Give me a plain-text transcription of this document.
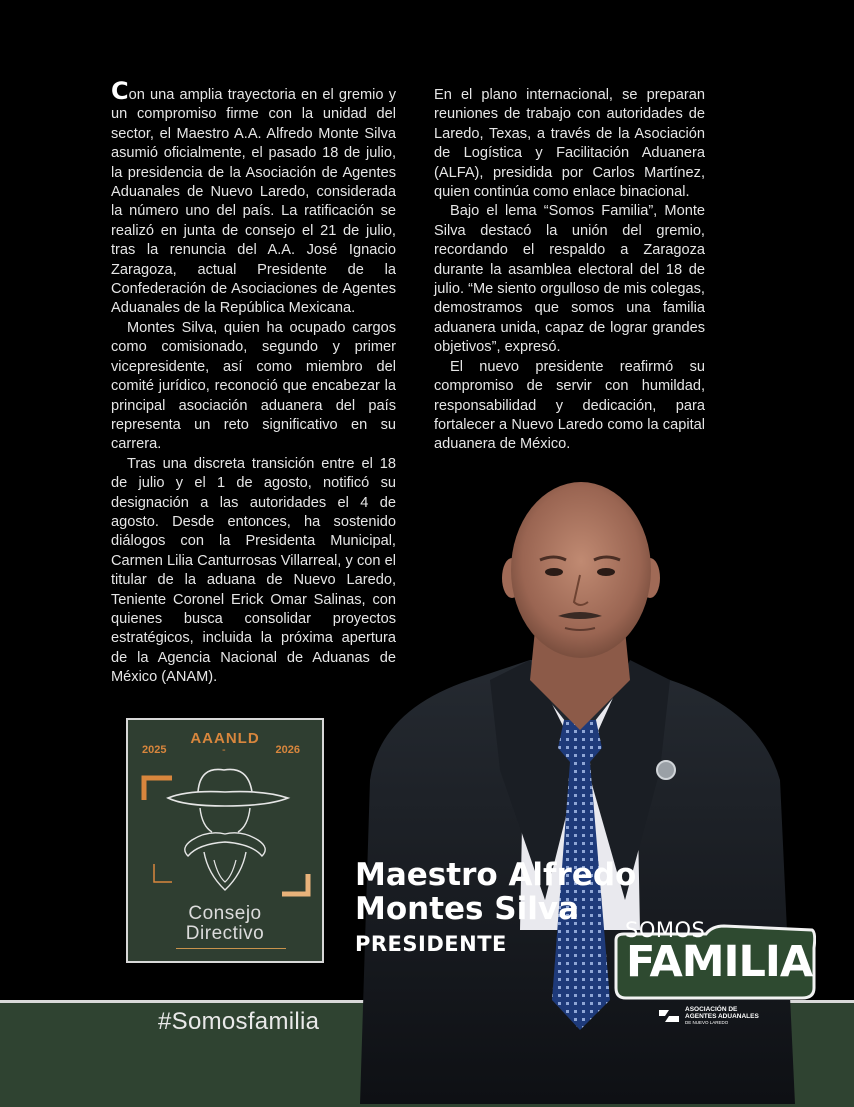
#Somosfamilia

Con una amplia trayectoria en el gremio y un compromiso firme con la unidad del sector, el Maestro A.A. Alfredo Monte Silva asumió oficialmente, el pasado 18 de julio, la presidencia de la Asociación de Agentes Aduanales de Nuevo Laredo, considerada la número uno del país. La ratificación se realizó en junta de consejo el 21 de julio, tras la renuncia del A.A. José Ignacio Zaragoza, actual Presidente de la Confederación de Asociaciones de Agentes Aduanales de la República Mexicana.

Montes Silva, quien ha ocupado cargos como comisionado, segundo y primer vicepresidente, así como miembro del comité jurídico, reconoció que encabezar la principal asociación aduanera del país representa un reto significativo en su carrera.

Tras una discreta transición entre el 18 de julio y el 1 de agosto, notificó su designación a las autoridades el 4 de agosto. Desde entonces, ha sostenido diálogos con la Presidenta Municipal, Carmen Lilia Canturrosas Villarreal, y con el titular de la aduana de Nuevo Laredo, Teniente Coronel Erick Omar Salinas, con quienes busca consolidar proyectos estratégicos, incluida la próxima apertura de la Agencia Nacional de Aduanas de México (ANAM).

En el plano internacional, se preparan reuniones de trabajo con autoridades de Laredo, Texas, a través de la Asociación de Logística y Facilitación Aduanera (ALFA), presidida por Carlos Martínez, quien continúa como enlace binacional.

Bajo el lema “Somos Familia”, Monte Silva destacó la unión del gremio, recordando el respaldo a Zaragoza durante la asamblea electoral del 18 de julio. “Me siento orgulloso de mis colegas, demostramos que somos una familia aduanera unida, capaz de lograr grandes objetivos”, expresó.

El nuevo presidente reafirmó su compromiso de servir con humildad, responsabilidad y dedicación, para fortalecer a Nuevo Laredo como la capital aduanera de México.

Maestro Alfredo
Montes Silva
PRESIDENTE
AAANLD
2025	-	2026
Consejo
Directivo	SOMOS
FAMILIA
ASOCIACIÓN DE
AGENTES ADUANALES
DE NUEVO LAREDO
